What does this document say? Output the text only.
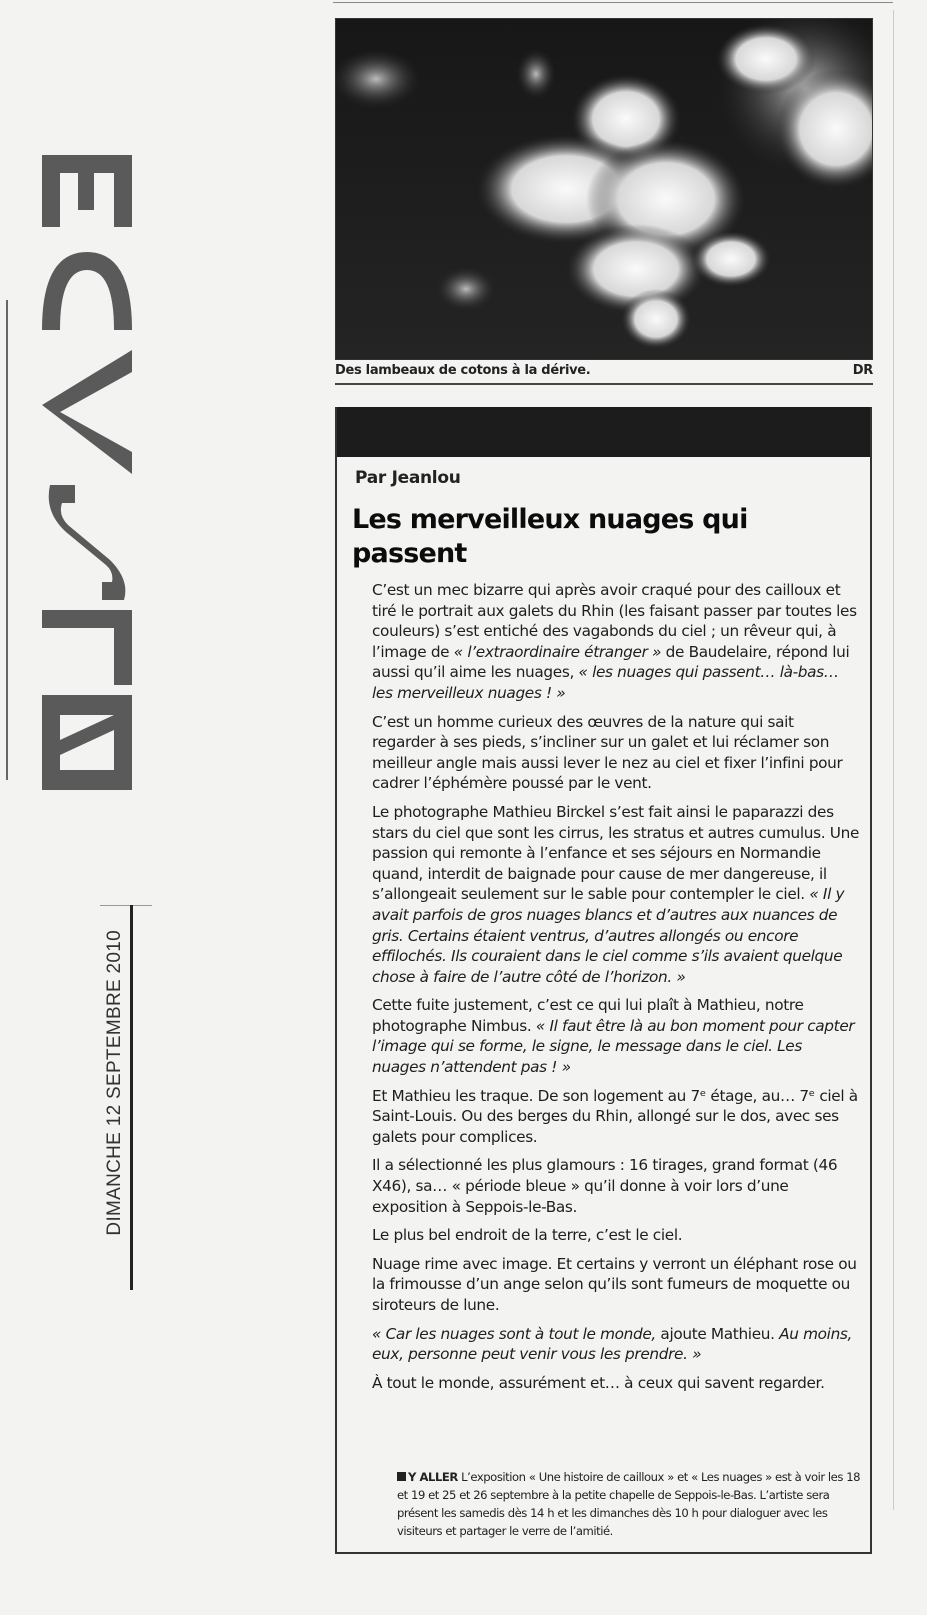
DIMANCHE 12 SEPTEMBRE 2010
Des lambeaux de cotons à la dérive.	DR
Par Jeanlou
Les merveilleux nuages qui passent

C’est un mec bizarre qui après avoir craqué pour des cailloux et tiré le portrait aux galets du Rhin (les faisant passer par toutes les couleurs) s’est entiché des vagabonds du ciel ; un rêveur qui, à l’image de « l’extraordinaire étranger » de Baudelaire, répond lui aussi qu’il aime les nuages, « les nuages qui passent… là-bas… les merveilleux nuages ! »

C’est un homme curieux des œuvres de la nature qui sait regarder à ses pieds, s’incliner sur un galet et lui réclamer son meilleur angle mais aussi lever le nez au ciel et fixer l’infini pour cadrer l’éphémère poussé par le vent.

Le photographe Mathieu Birckel s’est fait ainsi le paparazzi des stars du ciel que sont les cirrus, les stratus et autres cumulus. Une passion qui remonte à l’enfance et ses séjours en Normandie quand, interdit de baignade pour cause de mer dangereuse, il s’allongeait seulement sur le sable pour contempler le ciel. « Il y avait parfois de gros nuages blancs et d’autres aux nuances de gris. Certains étaient ventrus, d’autres allongés ou encore effilochés. Ils couraient dans le ciel comme s’ils avaient quelque chose à faire de l’autre côté de l’horizon. »

Cette fuite justement, c’est ce qui lui plaît à Mathieu, notre photographe Nimbus. « Il faut être là au bon moment pour capter l’image qui se forme, le signe, le message dans le ciel. Les nuages n’attendent pas ! »

Et Mathieu les traque. De son logement au 7ᵉ étage, au… 7ᵉ ciel à Saint-Louis. Ou des berges du Rhin, allongé sur le dos, avec ses galets pour complices.

Il a sélectionné les plus glamours : 16 tirages, grand format (46 X46), sa… « période bleue » qu’il donne à voir lors d’une exposition à Seppois-le-Bas.

Le plus bel endroit de la terre, c’est le ciel.

Nuage rime avec image. Et certains y verront un éléphant rose ou la frimousse d’un ange selon qu’ils sont fumeurs de moquette ou siroteurs de lune.

« Car les nuages sont à tout le monde, ajoute Mathieu. Au moins, eux, personne peut venir vous les prendre. »

À tout le monde, assurément et… à ceux qui savent regarder.

Y ALLER L’exposition « Une histoire de cailloux » et « Les nuages » est à voir les 18 et 19 et 25 et 26 septembre à la petite chapelle de Seppois-le-Bas. L’artiste sera présent les samedis dès 14 h et les dimanches dès 10 h pour dialoguer avec les visiteurs et partager le verre de l’amitié.
